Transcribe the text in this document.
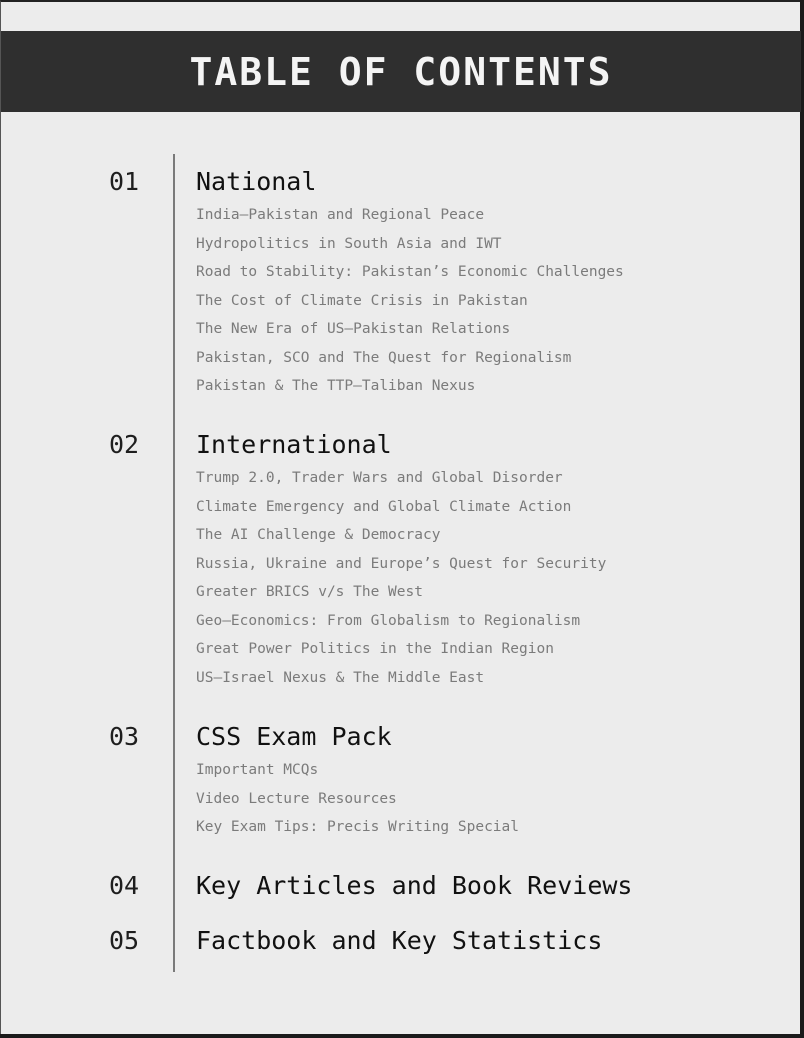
TABLE OF CONTENTS
01 National
India–Pakistan and Regional Peace
Hydropolitics in South Asia and IWT
Road to Stability: Pakistan’s Economic Challenges
The Cost of Climate Crisis in Pakistan
The New Era of US–Pakistan Relations
Pakistan, SCO and The Quest for Regionalism
Pakistan & The TTP–Taliban Nexus
02 International
Trump 2.0, Trader Wars and Global Disorder
Climate Emergency and Global Climate Action
The AI Challenge & Democracy
Russia, Ukraine and Europe’s Quest for Security
Greater BRICS v/s The West
Geo–Economics: From Globalism to Regionalism
Great Power Politics in the Indian Region
US–Israel Nexus & The Middle East
03 CSS Exam Pack
Important MCQs
Video Lecture Resources
Key Exam Tips: Precis Writing Special
04 Key Articles and Book Reviews
05 Factbook and Key Statistics
